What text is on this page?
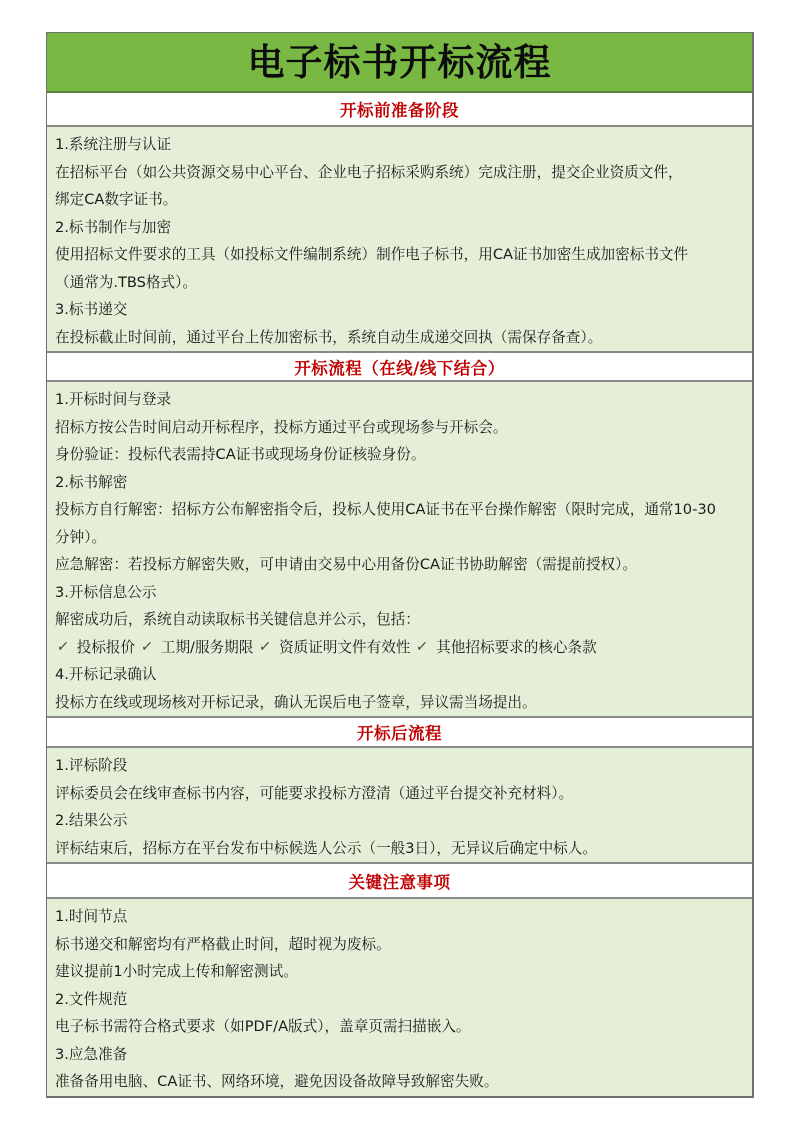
电子标书开标流程
开标前准备阶段
1.系统注册与认证
在招标平台（如公共资源交易中心平台、企业电子招标采购系统）完成注册，提交企业资质文件，
绑定CA数字证书。
2.标书制作与加密
使用招标文件要求的工具（如投标文件编制系统）制作电子标书，用CA证书加密生成加密标书文件
（通常为.TBS格式）。
3.标书递交
在投标截止时间前，通过平台上传加密标书，系统自动生成递交回执（需保存备查）。
开标流程（在线/线下结合）
1.开标时间与登录
招标方按公告时间启动开标程序，投标方通过平台或现场参与开标会。
身份验证：投标代表需持CA证书或现场身份证核验身份。
2.标书解密
投标方自行解密：招标方公布解密指令后，投标人使用CA证书在平台操作解密（限时完成，通常10-30
分钟）。
应急解密：若投标方解密失败，可申请由交易中心用备份CA证书协助解密（需提前授权）。
3.开标信息公示
解密成功后，系统自动读取标书关键信息并公示，包括：
✓ 投标报价 ✓ 工期/服务期限 ✓ 资质证明文件有效性 ✓ 其他招标要求的核心条款
4.开标记录确认
投标方在线或现场核对开标记录，确认无误后电子签章，异议需当场提出。
开标后流程
1.评标阶段
评标委员会在线审查标书内容，可能要求投标方澄清（通过平台提交补充材料）。
2.结果公示
评标结束后，招标方在平台发布中标候选人公示（一般3日），无异议后确定中标人。
关键注意事项
1.时间节点
标书递交和解密均有严格截止时间，超时视为废标。
建议提前1小时完成上传和解密测试。
2.文件规范
电子标书需符合格式要求（如PDF/A版式），盖章页需扫描嵌入。
3.应急准备
准备备用电脑、CA证书、网络环境，避免因设备故障导致解密失败。
